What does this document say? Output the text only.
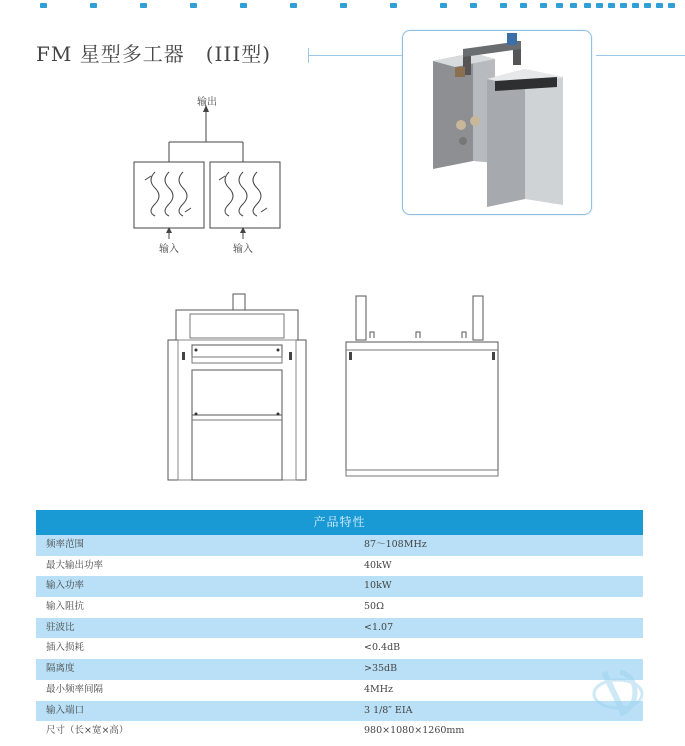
FM 星型多工器　(III型)
输出
输入	输入
产品特性
频率范围	87～108MHz
最大输出功率	40kW
输入功率	10kW
输入阻抗	50Ω
驻波比	<1.07
插入损耗	<0.4dB
隔离度	>35dB
最小频率间隔	4MHz
输入端口	3 1/8″ EIA
尺寸（长×宽×高）	980×1080×1260mm
